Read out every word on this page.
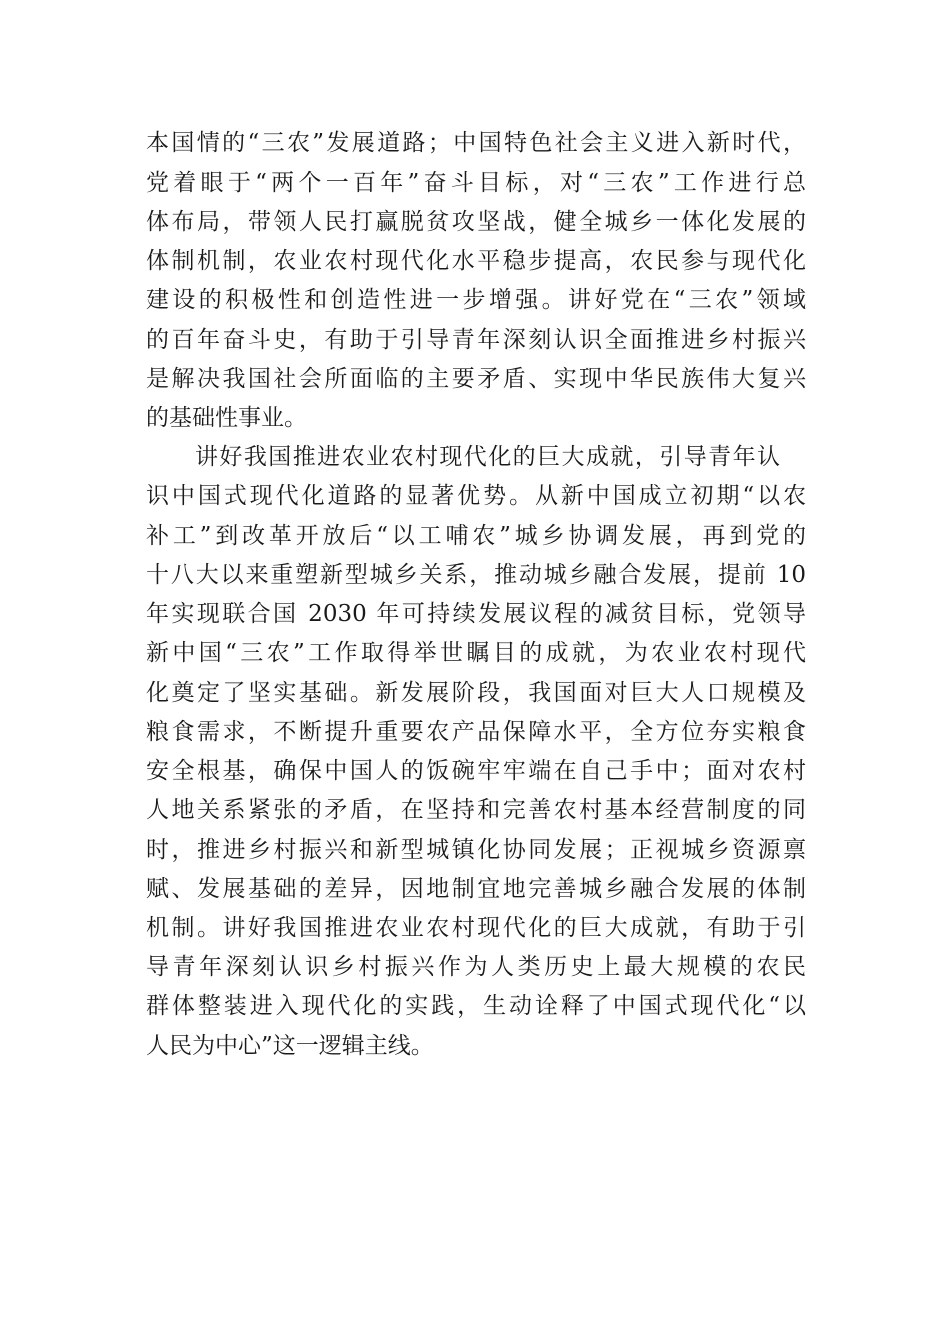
本国情的“三农”发展道路；中国特色社会主义进入新时代，
党着眼于“两个一百年”奋斗目标，对“三农”工作进行总
体布局，带领人民打赢脱贫攻坚战，健全城乡一体化发展的
体制机制，农业农村现代化水平稳步提高，农民参与现代化
建设的积极性和创造性进一步增强。讲好党在“三农”领域
的百年奋斗史，有助于引导青年深刻认识全面推进乡村振兴
是解决我国社会所面临的主要矛盾、实现中华民族伟大复兴
的基础性事业。
讲好我国推进农业农村现代化的巨大成就，引导青年认
识中国式现代化道路的显著优势。从新中国成立初期“以农
补工”到改革开放后“以工哺农”城乡协调发展，再到党的
十八大以来重塑新型城乡关系，推动城乡融合发展，提前 10
年实现联合国 2030 年可持续发展议程的减贫目标，党领导
新中国“三农”工作取得举世瞩目的成就，为农业农村现代
化奠定了坚实基础。新发展阶段，我国面对巨大人口规模及
粮食需求，不断提升重要农产品保障水平，全方位夯实粮食
安全根基，确保中国人的饭碗牢牢端在自己手中；面对农村
人地关系紧张的矛盾，在坚持和完善农村基本经营制度的同
时，推进乡村振兴和新型城镇化协同发展；正视城乡资源禀
赋、发展基础的差异，因地制宜地完善城乡融合发展的体制
机制。讲好我国推进农业农村现代化的巨大成就，有助于引
导青年深刻认识乡村振兴作为人类历史上最大规模的农民
群体整装进入现代化的实践，生动诠释了中国式现代化“以
人民为中心”这一逻辑主线。
